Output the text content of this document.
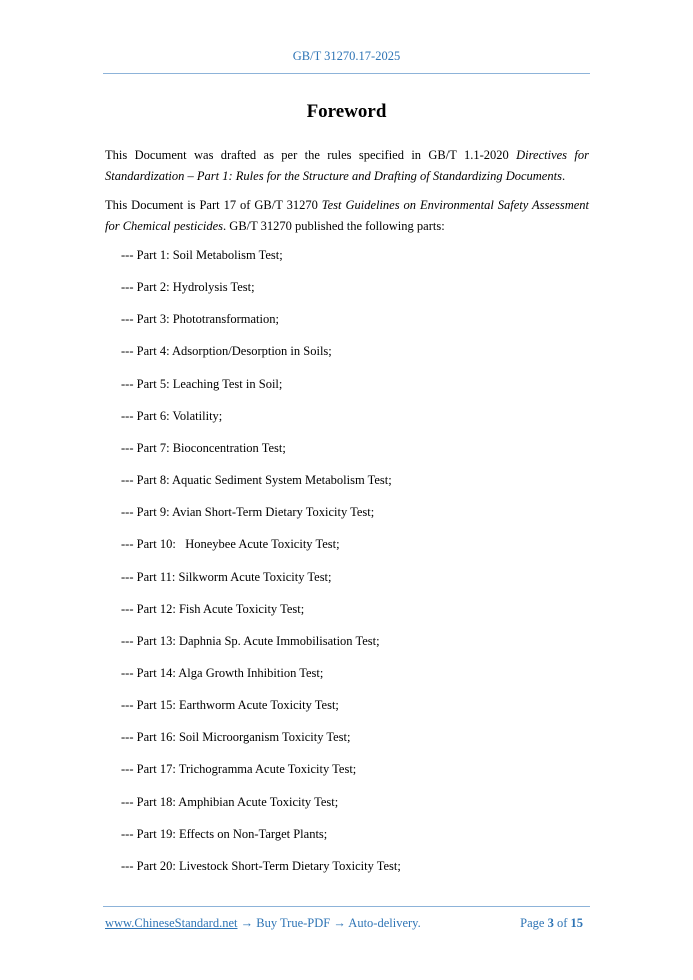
GB/T 31270.17-2025
Foreword
This Document was drafted as per the rules specified in GB/T 1.1-2020 Directives for Standardization – Part 1: Rules for the Structure and Drafting of Standardizing Documents.
This Document is Part 17 of GB/T 31270 Test Guidelines on Environmental Safety Assessment for Chemical pesticides. GB/T 31270 published the following parts:
--- Part 1: Soil Metabolism Test;
--- Part 2: Hydrolysis Test;
--- Part 3: Phototransformation;
--- Part 4: Adsorption/Desorption in Soils;
--- Part 5: Leaching Test in Soil;
--- Part 6: Volatility;
--- Part 7: Bioconcentration Test;
--- Part 8: Aquatic Sediment System Metabolism Test;
--- Part 9: Avian Short-Term Dietary Toxicity Test;
--- Part 10:   Honeybee Acute Toxicity Test;
--- Part 11: Silkworm Acute Toxicity Test;
--- Part 12: Fish Acute Toxicity Test;
--- Part 13: Daphnia Sp. Acute Immobilisation Test;
--- Part 14: Alga Growth Inhibition Test;
--- Part 15: Earthworm Acute Toxicity Test;
--- Part 16: Soil Microorganism Toxicity Test;
--- Part 17: Trichogramma Acute Toxicity Test;
--- Part 18: Amphibian Acute Toxicity Test;
--- Part 19: Effects on Non-Target Plants;
--- Part 20: Livestock Short-Term Dietary Toxicity Test;
www.ChineseStandard.net → Buy True-PDF → Auto-delivery.	Page 3 of 15
